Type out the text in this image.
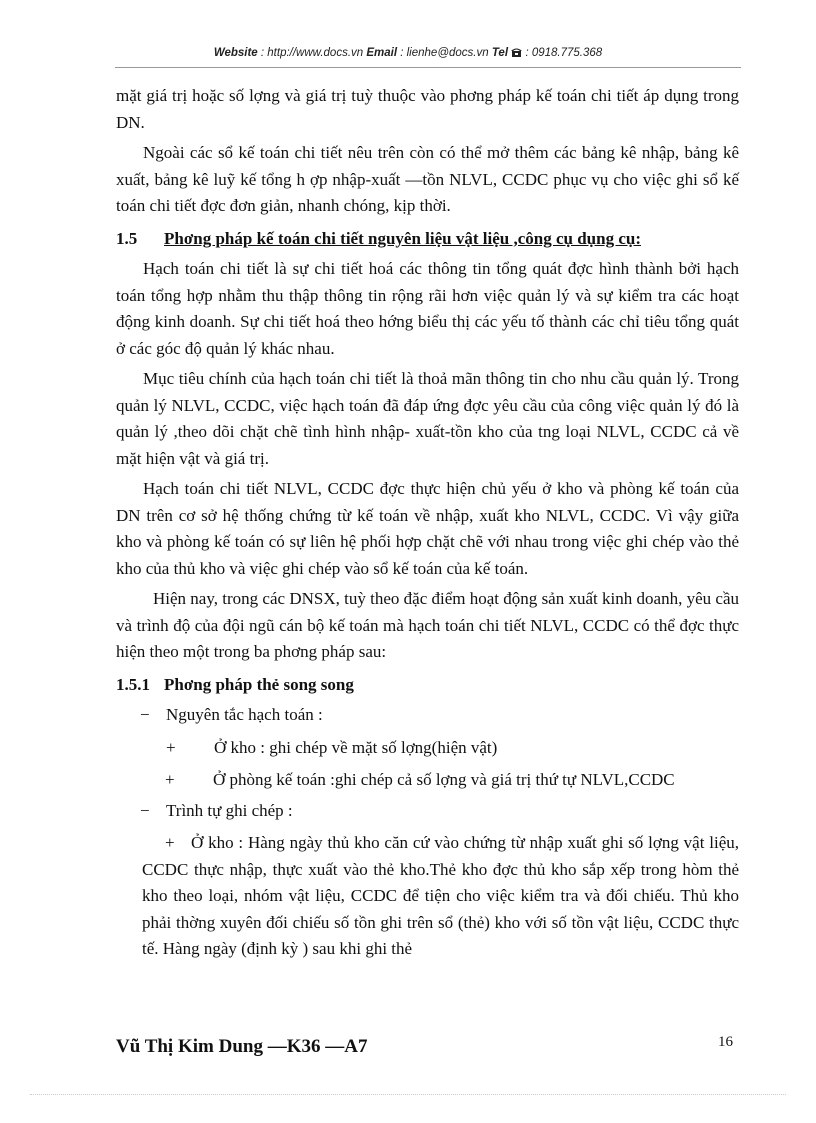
Website : http://www.docs.vn Email : lienhe@docs.vn Tel  : 0918.775.368

mặt giá trị hoặc số lợng và giá trị tuỳ thuộc vào phơng pháp kế toán chi tiết áp dụng trong DN.

Ngoài các sổ kế toán chi tiết nêu trên còn có thể mở thêm các bảng kê nhập, bảng kê xuất, bảng kê luỹ kế tổng h ợp nhập-xuất —tồn NLVL, CCDC phục vụ cho việc ghi sổ kế toán chi tiết đợc đơn giản, nhanh chóng, kịp thời.

1.5 Phơng pháp kế toán chi tiết nguyên liệu vật liệu ,công cụ dụng cụ:

Hạch toán chi tiết là sự chi tiết hoá các thông tin tổng quát đợc hình thành bởi hạch toán tổng hợp nhằm thu thập thông tin rộng rãi hơn việc quản lý và sự kiểm tra các hoạt động kinh doanh. Sự chi tiết hoá theo hớng biểu thị các yếu tố thành các chỉ tiêu tổng quát ở các góc độ quản lý khác nhau.

Mục tiêu chính của hạch toán chi tiết là thoả mãn thông tin cho nhu cầu quản lý. Trong quản lý NLVL, CCDC, việc hạch toán đã đáp ứng đợc yêu cầu của công việc quản lý đó là quản lý ,theo dõi chặt chẽ tình hình nhập- xuất-tồn kho của tng loại NLVL, CCDC cả về mặt hiện vật và giá trị.

Hạch toán chi tiết NLVL, CCDC đợc thực hiện chủ yếu ở kho và phòng kế toán của DN trên cơ sở hệ thống chứng từ kế toán về nhập, xuất kho NLVL, CCDC. Vì vậy giữa kho và phòng kế toán có sự liên hệ phối hợp chặt chẽ với nhau trong việc ghi chép vào thẻ kho của thủ kho và việc ghi chép vào sổ kế toán của kế toán.

Hiện nay, trong các DNSX, tuỳ theo đặc điểm hoạt động sản xuất kinh doanh, yêu cầu và trình độ của đội ngũ cán bộ kế toán mà hạch toán chi tiết NLVL, CCDC có thể đợc thực hiện theo một trong ba phơng pháp sau:

1.5.1 Phơng pháp thẻ song song
− Nguyên tắc hạch toán :
+ Ở kho : ghi chép về mặt số lợng(hiện vật)

+ Ở phòng kế toán :ghi chép cả số lợng và giá trị thứ tự NLVL,CCDC

− Trình tự ghi chép :

+ Ở kho : Hàng ngày thủ kho căn cứ vào chứng từ nhập xuất ghi số lợng vật liệu, CCDC thực nhập, thực xuất vào thẻ kho.Thẻ kho đợc thủ kho sắp xếp trong hòm thẻ kho theo loại, nhóm vật liệu, CCDC để tiện cho việc kiểm tra và đối chiếu. Thủ kho phải thờng xuyên đối chiếu số tồn ghi trên sổ (thẻ) kho với số tồn vật liệu, CCDC thực tế. Hàng ngày (định kỳ ) sau khi ghi thẻ

Vũ Thị Kim Dung —K36 —A7	16
